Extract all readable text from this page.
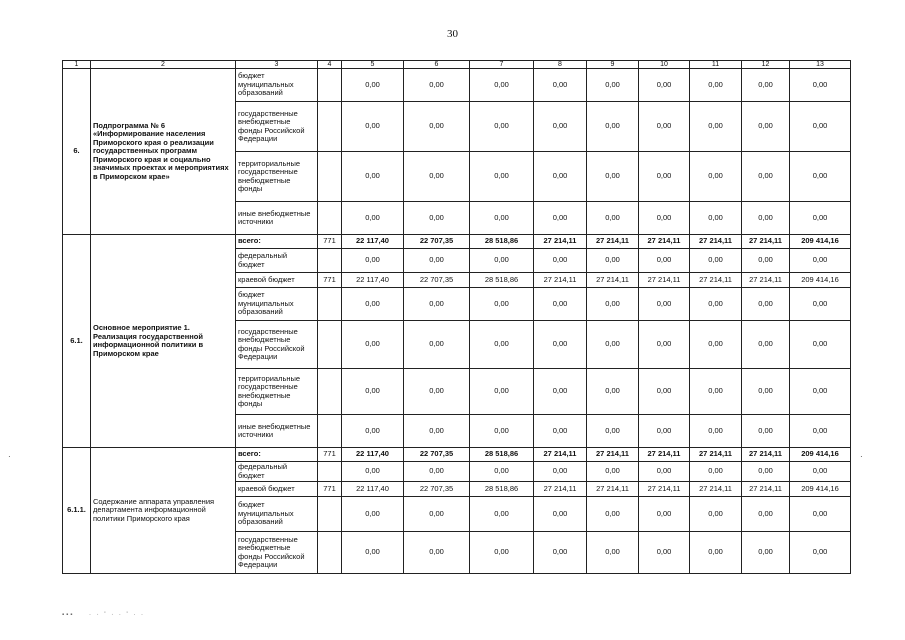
30
1	2	3	4	5	6	7	8	9	10	11	12	13
6.	Подпрограмма № 6 «Информирование населения Приморского края о реализации государственных программ Приморского края и социально значимых проектах и мероприятиях в Приморском крае»	бюджет муниципальных образований		0,00	0,00	0,00	0,00	0,00	0,00	0,00	0,00	0,00
		государственные внебюджетные фонды Российской Федерации		0,00	0,00	0,00	0,00	0,00	0,00	0,00	0,00	0,00
		территориальные государственные внебюджетные фонды		0,00	0,00	0,00	0,00	0,00	0,00	0,00	0,00	0,00
		иные внебюджетные источники		0,00	0,00	0,00	0,00	0,00	0,00	0,00	0,00	0,00
6.1.	Основное мероприятие 1. Реализация государственной информационной политики в Приморском крае	всего:	771	22 117,40	22 707,35	28 518,86	27 214,11	27 214,11	27 214,11	27 214,11	27 214,11	209 414,16
		федеральный бюджет		0,00	0,00	0,00	0,00	0,00	0,00	0,00	0,00	0,00
		краевой бюджет	771	22 117,40	22 707,35	28 518,86	27 214,11	27 214,11	27 214,11	27 214,11	27 214,11	209 414,16
		бюджет муниципальных образований		0,00	0,00	0,00	0,00	0,00	0,00	0,00	0,00	0,00
		государственные внебюджетные фонды Российской Федерации		0,00	0,00	0,00	0,00	0,00	0,00	0,00	0,00	0,00
		территориальные государственные внебюджетные фонды		0,00	0,00	0,00	0,00	0,00	0,00	0,00	0,00	0,00
		иные внебюджетные источники		0,00	0,00	0,00	0,00	0,00	0,00	0,00	0,00	0,00
6.1.1.	Содержание аппарата управления департамента информационной политики Приморского края	всего:	771	22 117,40	22 707,35	28 518,86	27 214,11	27 214,11	27 214,11	27 214,11	27 214,11	209 414,16
		федеральный бюджет		0,00	0,00	0,00	0,00	0,00	0,00	0,00	0,00	0,00
		краевой бюджет	771	22 117,40	22 707,35	28 518,86	27 214,11	27 214,11	27 214,11	27 214,11	27 214,11	209 414,16
		бюджет муниципальных образований		0,00	0,00	0,00	0,00	0,00	0,00	0,00	0,00	0,00
		государственные внебюджетные фонды Российской Федерации		0,00	0,00	0,00	0,00	0,00	0,00	0,00	0,00	0,00
▪▪▪    · · ' · · ' · ·
·	·
